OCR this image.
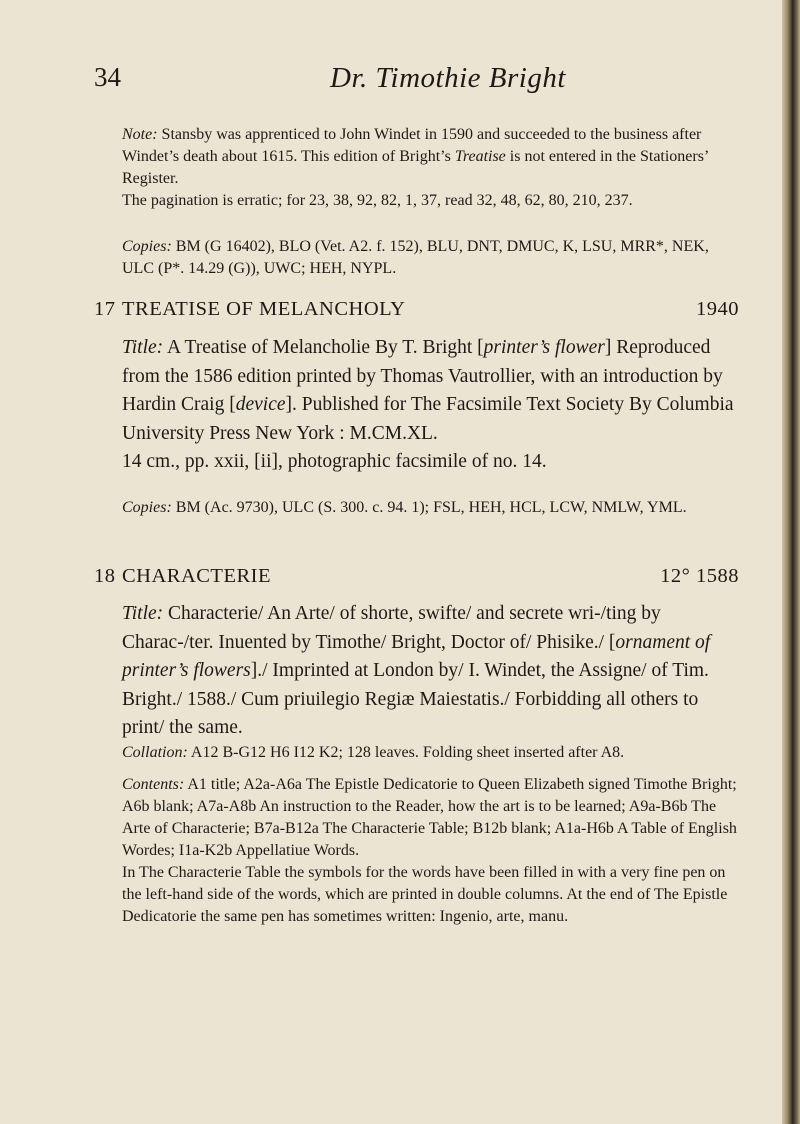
34	Dr. Timothie Bright

Note: Stansby was apprenticed to John Windet in 1590 and succeeded to the business after Windet’s death about 1615. This edition of Bright’s Treatise is not entered in the Stationers’ Register.

The pagination is erratic; for 23, 38, 92, 82, 1, 37, read 32, 48, 62, 80, 210, 237.

Copies: BM (G 16402), BLO (Vet. A2. f. 152), BLU, DNT, DMUC, K, LSU, MRR*, NEK, ULC (P*. 14.29 (G)), UWC; HEH, NYPL.

17 TREATISE OF MELANCHOLY	1940

Title: A Treatise of Melancholie By T. Bright [printer’s flower] Reproduced from the 1586 edition printed by Thomas Vautrollier, with an introduction by Hardin Craig [device]. Published for The Facsimile Text Society By Columbia University Press New York : M.CM.XL.

14 cm., pp. xxii, [ii], photographic facsimile of no. 14.

Copies: BM (Ac. 9730), ULC (S. 300. c. 94. 1); FSL, HEH, HCL, LCW, NMLW, YML.

18 CHARACTERIE	12° 1588

Title: Characterie/ An Arte/ of shorte, swifte/ and secrete wri-/ting by Charac-/ter. Inuented by Timothe/ Bright, Doctor of/ Phisike./ [ornament of printer’s flowers]./ Imprinted at London by/ I. Windet, the Assigne/ of Tim. Bright./ 1588./ Cum priuilegio Regiæ Maiestatis./ Forbidding all others to print/ the same.

Collation: A12 B-G12 H6 I12 K2; 128 leaves. Folding sheet inserted after A8.

Contents: A1 title; A2a-A6a The Epistle Dedicatorie to Queen Elizabeth signed Timothe Bright; A6b blank; A7a-A8b An instruction to the Reader, how the art is to be learned; A9a-B6b The Arte of Characterie; B7a-B12a The Characterie Table; B12b blank; A1a-H6b A Table of English Wordes; I1a-K2b Appellatiue Words.

In The Characterie Table the symbols for the words have been filled in with a very fine pen on the left-hand side of the words, which are printed in double columns. At the end of The Epistle Dedicatorie the same pen has sometimes written: Ingenio, arte, manu.
